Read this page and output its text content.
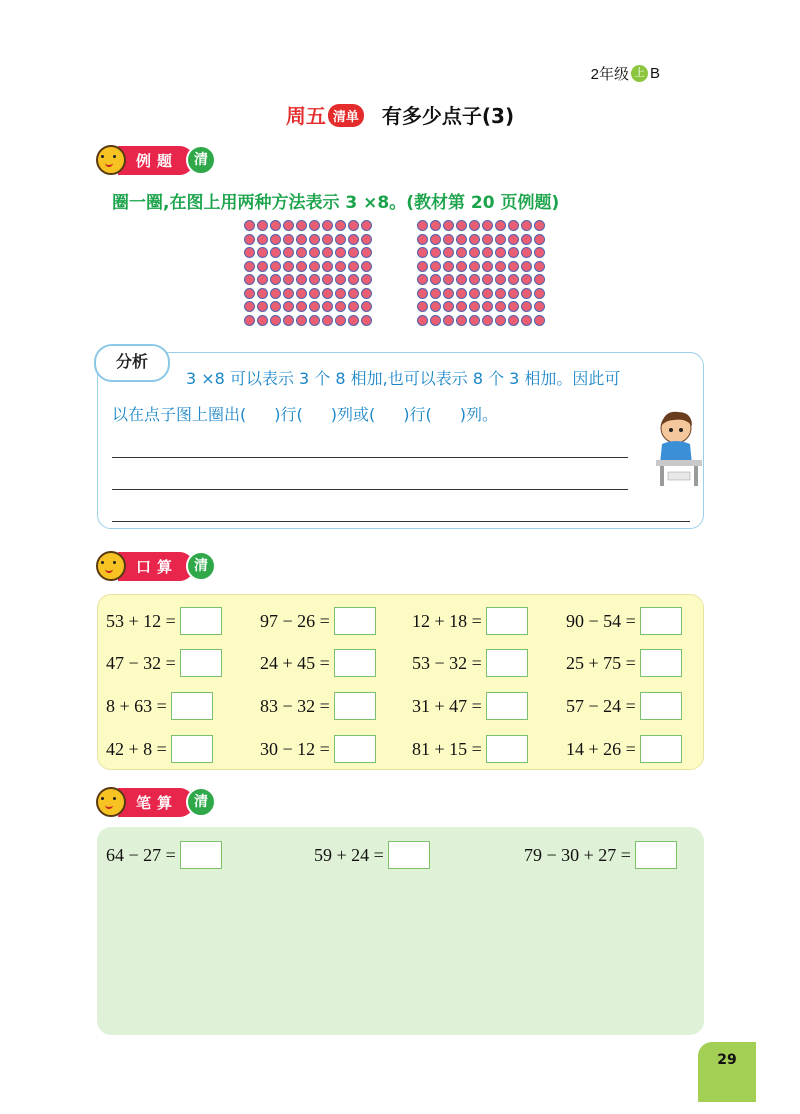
2年级 上 B
周五 清单 有多少点子(3)
例题	清
圈一圈,在图上用两种方法表示 3 ×8。(教材第 20 页例题)
分析
3 ×8 可以表示 3 个 8 相加,也可以表示 8 个 3 相加。因此可
以在点子图上圈出( )行( )列或( )行( )列。
口算	清
53 + 12 =	97 − 26 =	12 + 18 =	90 − 54 =
47 − 32 =	24 + 45 =	53 − 32 =	25 + 75 =
8 + 63 =	83 − 32 =	31 + 47 =	57 − 24 =
42 + 8 =	30 − 12 =	81 + 15 =	14 + 26 =
笔算	清
64 − 27 =	59 + 24 =	79 − 30 + 27 =
29
